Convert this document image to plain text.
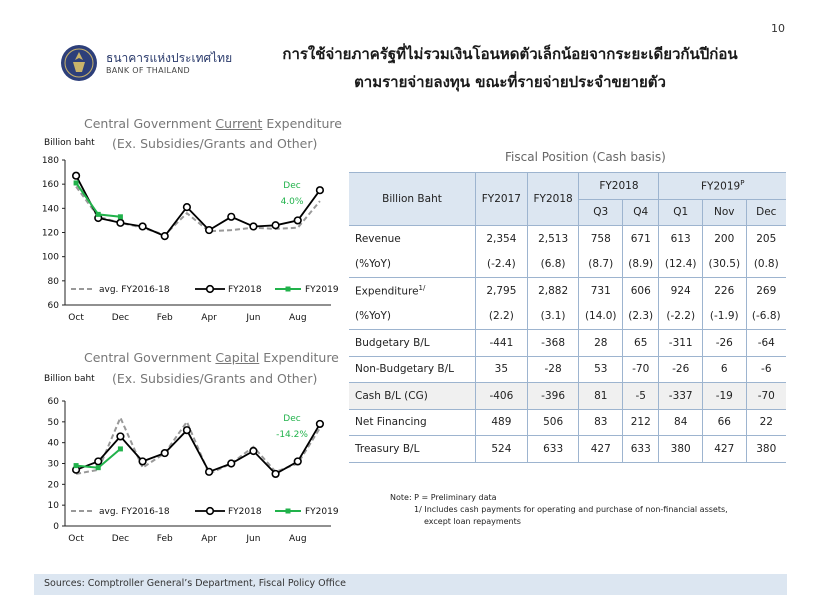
10
ธนาคารแห่งประเทศไทย
BANK OF THAILAND
การใช้จ่ายภาครัฐที่ไม่รวมเงินโอนหดตัวเล็กน้อยจากระยะเดียวกันปีก่อน
ตามรายจ่ายลงทุน ขณะที่รายจ่ายประจำขยายตัว
Central Government Current Expenditure
Billion baht (Ex. Subsidies/Grants and Other)
60
80
100
120
140
160
180
Oct	Dec	Feb	Apr	Jun	Aug
Dec
4.0%
avg. FY2016-18	FY2018	FY2019
Central Government Capital Expenditure
Billion baht (Ex. Subsidies/Grants and Other)
0
10
20
30
40
50
60
Oct	Dec	Feb	Apr	Jun	Aug
Dec
-14.2%
avg. FY2016-18	FY2018	FY2019
Fiscal Position (Cash basis)
Billion Baht	FY2017	FY2018	FY2018		$FY2019^P$
			Q3	Q4	Q1	Nov	Dec
Revenue	2,354	2,513	758	671	613	200	205
(%YoY)	(-2.4)	(6.8)	(8.7)	(8.9)	(12.4)	(30.5)	(0.8)
Expenditure$^{1/}$	2,795	2,882	731	606	924	226	269
(%YoY)	(2.2)	(3.1)	(14.0)	(2.3)	(-2.2)	(-1.9)	(-6.8)
Budgetary B/L	-441	-368	28	65	-311	-26	-64
Non-Budgetary B/L	35	-28	53	-70	-26	6	-6
Cash B/L (CG)	-406	-396	81	-5	-337	-19	-70
Net Financing	489	506	83	212	84	66	22
Treasury B/L	524	633	427	633	380	427	380
Note: P = Preliminary data
1/ Includes cash payments for operating and purchase of non-financial assets,
except loan repayments
Sources: Comptroller General’s Department, Fiscal Policy Office
